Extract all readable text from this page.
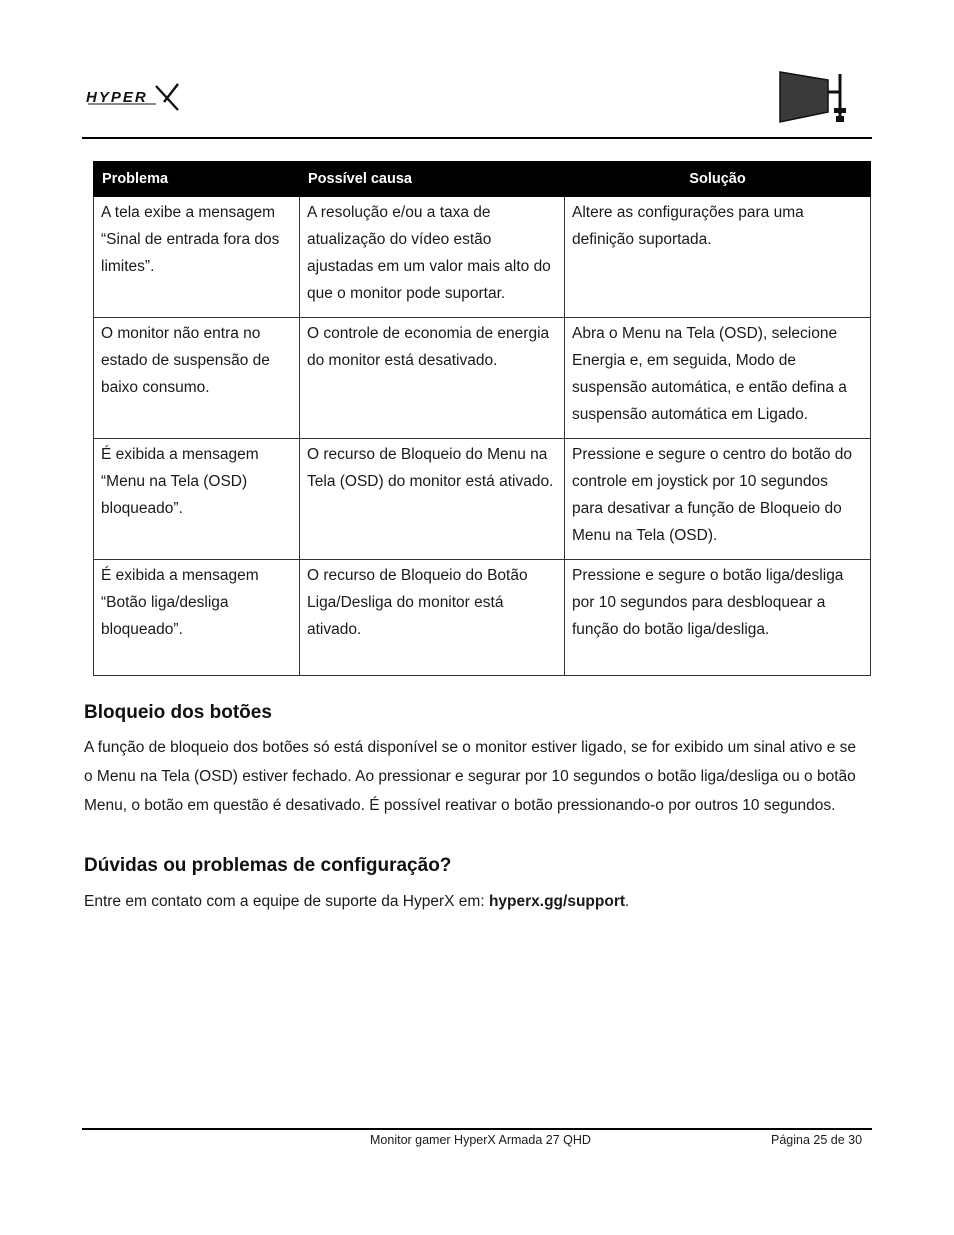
HYPER
Problema	Possível causa	Solução
A tela exibe a mensagem “Sinal de entrada fora dos limites”.	A resolução e/ou a taxa de atualização do vídeo estão ajustadas em um valor mais alto do que o monitor pode suportar.	Altere as configurações para uma definição suportada.
O monitor não entra no estado de suspensão de baixo consumo.	O controle de economia de energia do monitor está desativado.	Abra o Menu na Tela (OSD), selecione Energia e, em seguida, Modo de suspensão automática, e então defina a suspensão automática em Ligado.
É exibida a mensagem “Menu na Tela (OSD) bloqueado”.	O recurso de Bloqueio do Menu na Tela (OSD) do monitor está ativado.	Pressione e segure o centro do botão do controle em joystick por 10 segundos para desativar a função de Bloqueio do Menu na Tela (OSD).
É exibida a mensagem “Botão liga/desliga bloqueado”.	O recurso de Bloqueio do Botão Liga/Desliga do monitor está ativado.	Pressione e segure o botão liga/desliga por 10 segundos para desbloquear a função do botão liga/desliga.
Bloqueio dos botões

A função de bloqueio dos botões só está disponível se o monitor estiver ligado, se for exibido um sinal ativo e se o Menu na Tela (OSD) estiver fechado. Ao pressionar e segurar por 10 segundos o botão liga/desliga ou o botão Menu, o botão em questão é desativado. É possível reativar o botão pressionando-o por outros 10 segundos.

Dúvidas ou problemas de configuração?

Entre em contato com a equipe de suporte da HyperX em: hyperx.gg/support.

Monitor gamer HyperX Armada 27 QHD	Página 25 de 30
